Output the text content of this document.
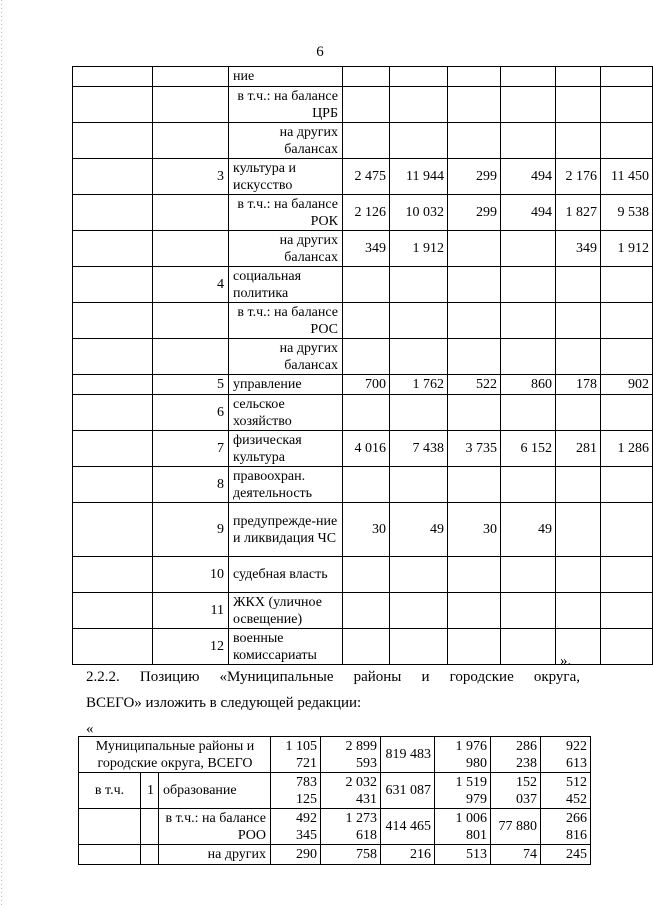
6
		ние						
		в т.ч.: на балансе ЦРБ						
		на других балансах						
	3	культура и искусство	2 475	11 944	299	494	2 176	11 450
		в т.ч.: на балансе РОК	2 126	10 032	299	494	1 827	9 538
		на других балансах	349	1 912			349	1 912
	4	социальная политика						
		в т.ч.: на балансе РОС						
		на других балансах						
	5	управление	700	1 762	522	860	178	902
	6	сельское хозяйство						
	7	физическая культура	4 016	7 438	3 735	6 152	281	1 286
	8	правоохран. деятельность						
	9	предупрежде-ние и ликвидация ЧС	30	49	30	49		
	10	судебная власть						
	11	ЖКХ (уличное освещение)						
	12	военные комиссариаты							».
2.2.2. Позицию «Муниципальные районы и городские округа,
ВСЕГО» изложить в следующей редакции:
«
Муниципальные районы и городские округа, ВСЕГО			1 105 721	2 899 593	819 483	1 976 980	286 238	922 613
в т.ч.	1	образование	783 125	2 032 431	631 087	1 519 979	152 037	512 452
		в т.ч.: на балансе РОО	492 345	1 273 618	414 465	1 006 801	77 880	266 816
		на других	290	758	216	513	74	245
